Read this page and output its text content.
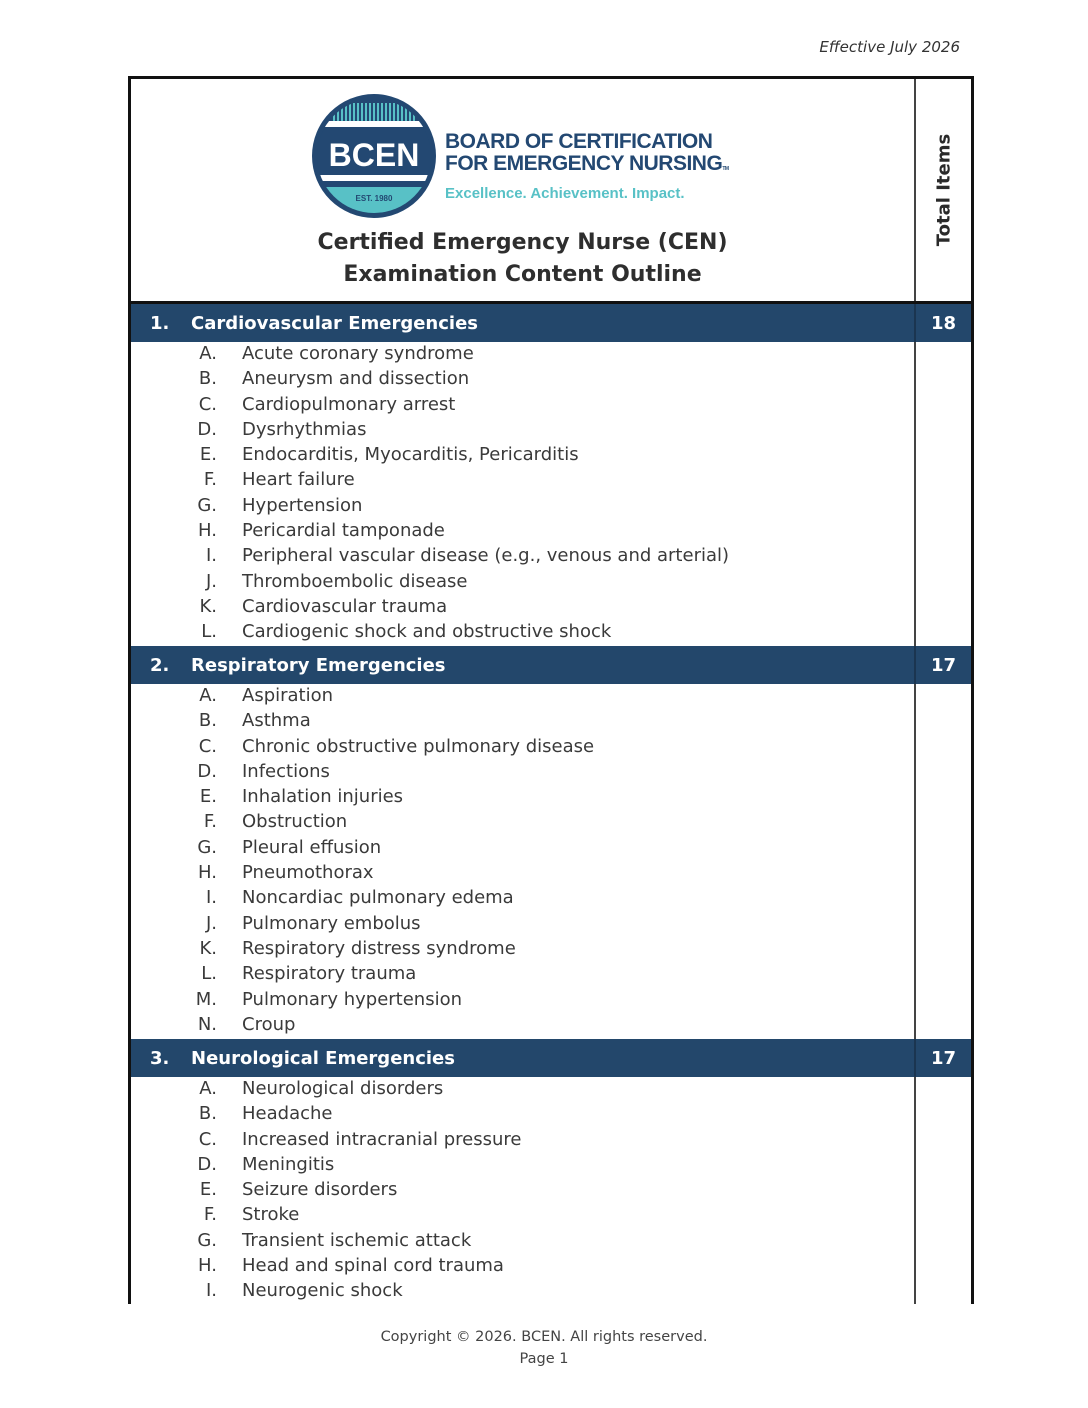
Effective July 2026
BCEN
EST. 1980
BOARD OF CERTIFICATION
FOR EMERGENCY NURSINGTM
Excellence. Achievement. Impact.
Certified Emergency Nurse (CEN)
Examination Content Outline
Total Items
1. Cardiovascular Emergencies	18
A. Acute coronary syndrome
B. Aneurysm and dissection
C. Cardiopulmonary arrest
D. Dysrhythmias
E. Endocarditis, Myocarditis, Pericarditis
F. Heart failure
G. Hypertension
H. Pericardial tamponade
I. Peripheral vascular disease (e.g., venous and arterial)
J. Thromboembolic disease
K. Cardiovascular trauma
L. Cardiogenic shock and obstructive shock
2. Respiratory Emergencies	17
A. Aspiration
B. Asthma
C. Chronic obstructive pulmonary disease
D. Infections
E. Inhalation injuries
F. Obstruction
G. Pleural effusion
H. Pneumothorax
I. Noncardiac pulmonary edema
J. Pulmonary embolus
K. Respiratory distress syndrome
L. Respiratory trauma
M. Pulmonary hypertension
N. Croup
3. Neurological Emergencies	17
A. Neurological disorders
B. Headache
C. Increased intracranial pressure
D. Meningitis
E. Seizure disorders
F. Stroke
G. Transient ischemic attack
H. Head and spinal cord trauma
I. Neurogenic shock
Copyright © 2026. BCEN. All rights reserved.
Page 1
